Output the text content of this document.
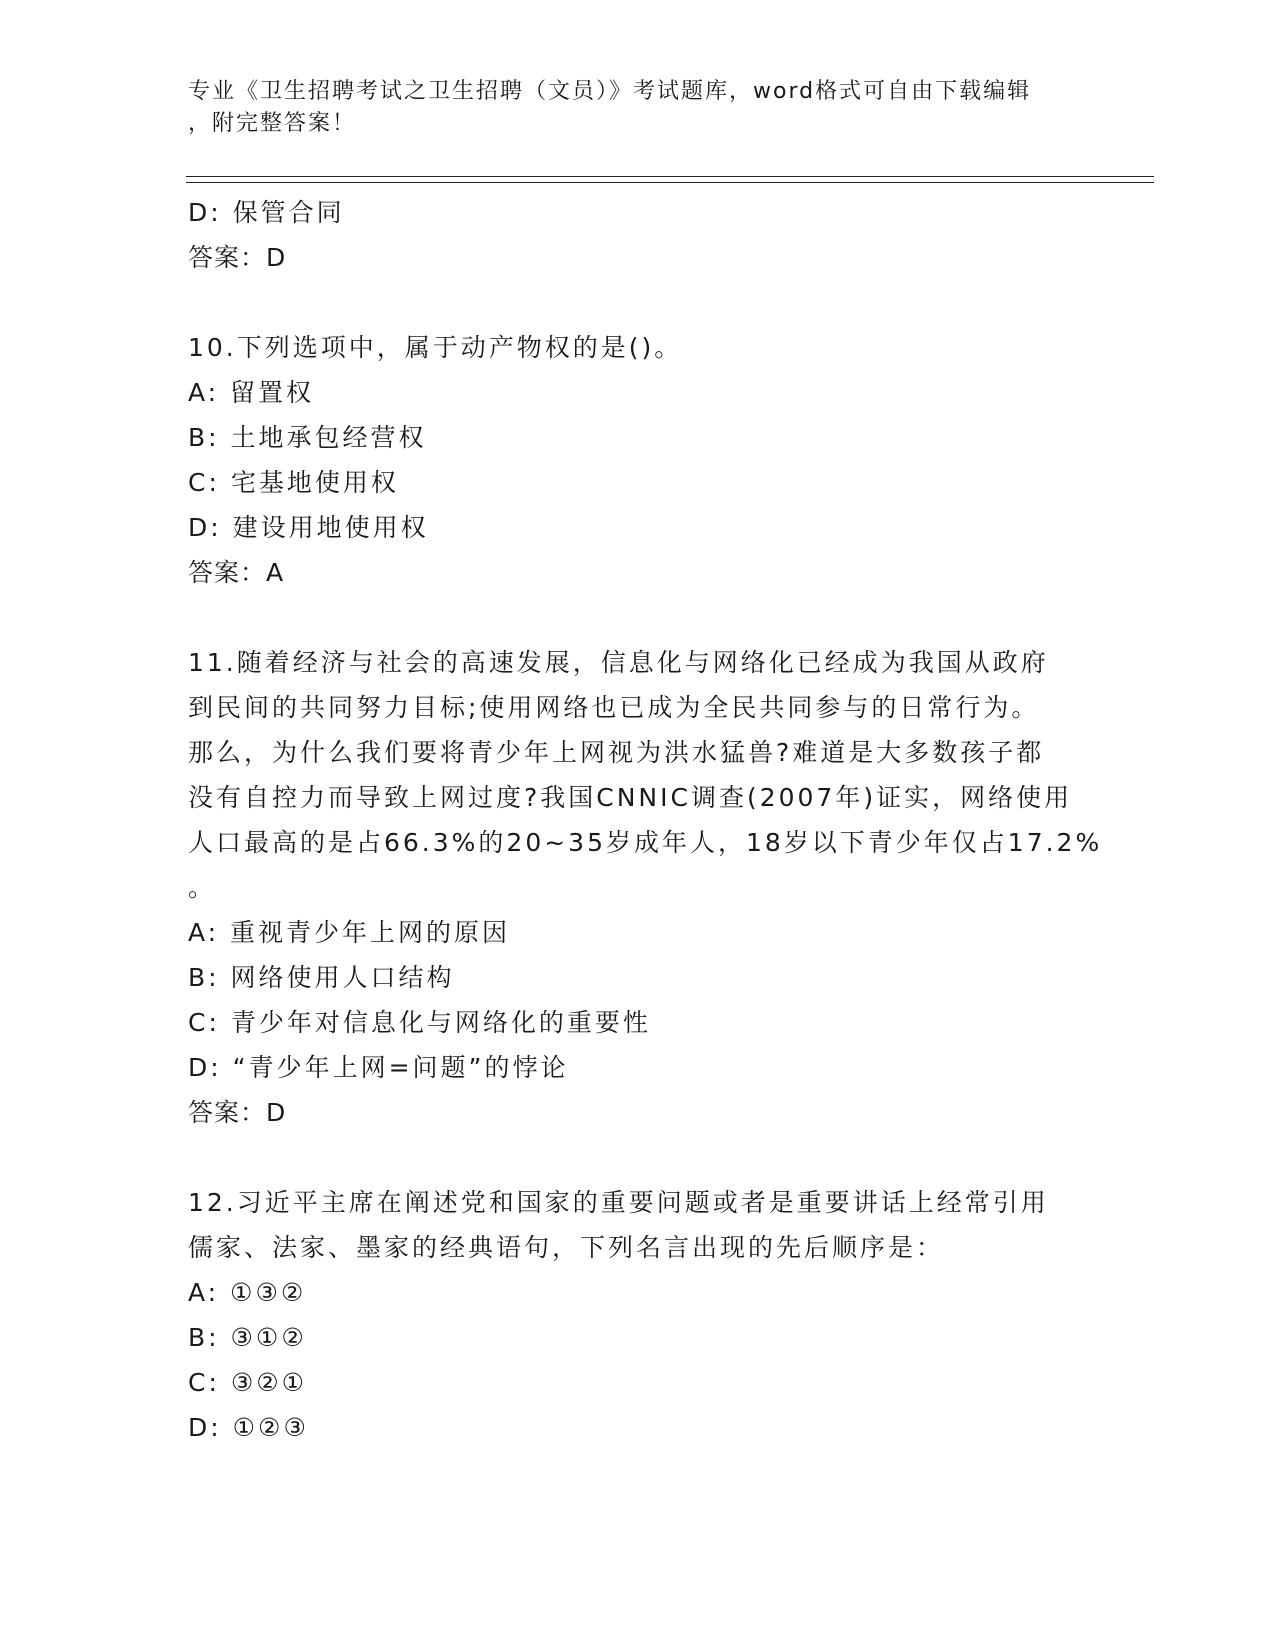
专业《卫生招聘考试之卫生招聘（文员）》考试题库，word格式可自由下载编辑
，附完整答案！
D: 保管合同
答案：D
10.下列选项中，属于动产物权的是()。
A: 留置权
B: 土地承包经营权
C: 宅基地使用权
D: 建设用地使用权
答案：A
11.随着经济与社会的高速发展，信息化与网络化已经成为我国从政府
到民间的共同努力目标;使用网络也已成为全民共同参与的日常行为。
那么，为什么我们要将青少年上网视为洪水猛兽?难道是大多数孩子都
没有自控力而导致上网过度?我国CNNIC调查(2007年)证实，网络使用
人口最高的是占66.3%的20~35岁成年人，18岁以下青少年仅占17.2%
。
A: 重视青少年上网的原因
B: 网络使用人口结构
C: 青少年对信息化与网络化的重要性
D: “青少年上网=问题”的悖论
答案：D
12.习近平主席在阐述党和国家的重要问题或者是重要讲话上经常引用
儒家、法家、墨家的经典语句，下列名言出现的先后顺序是：
A: ①③②
B: ③①②
C: ③②①
D: ①②③
